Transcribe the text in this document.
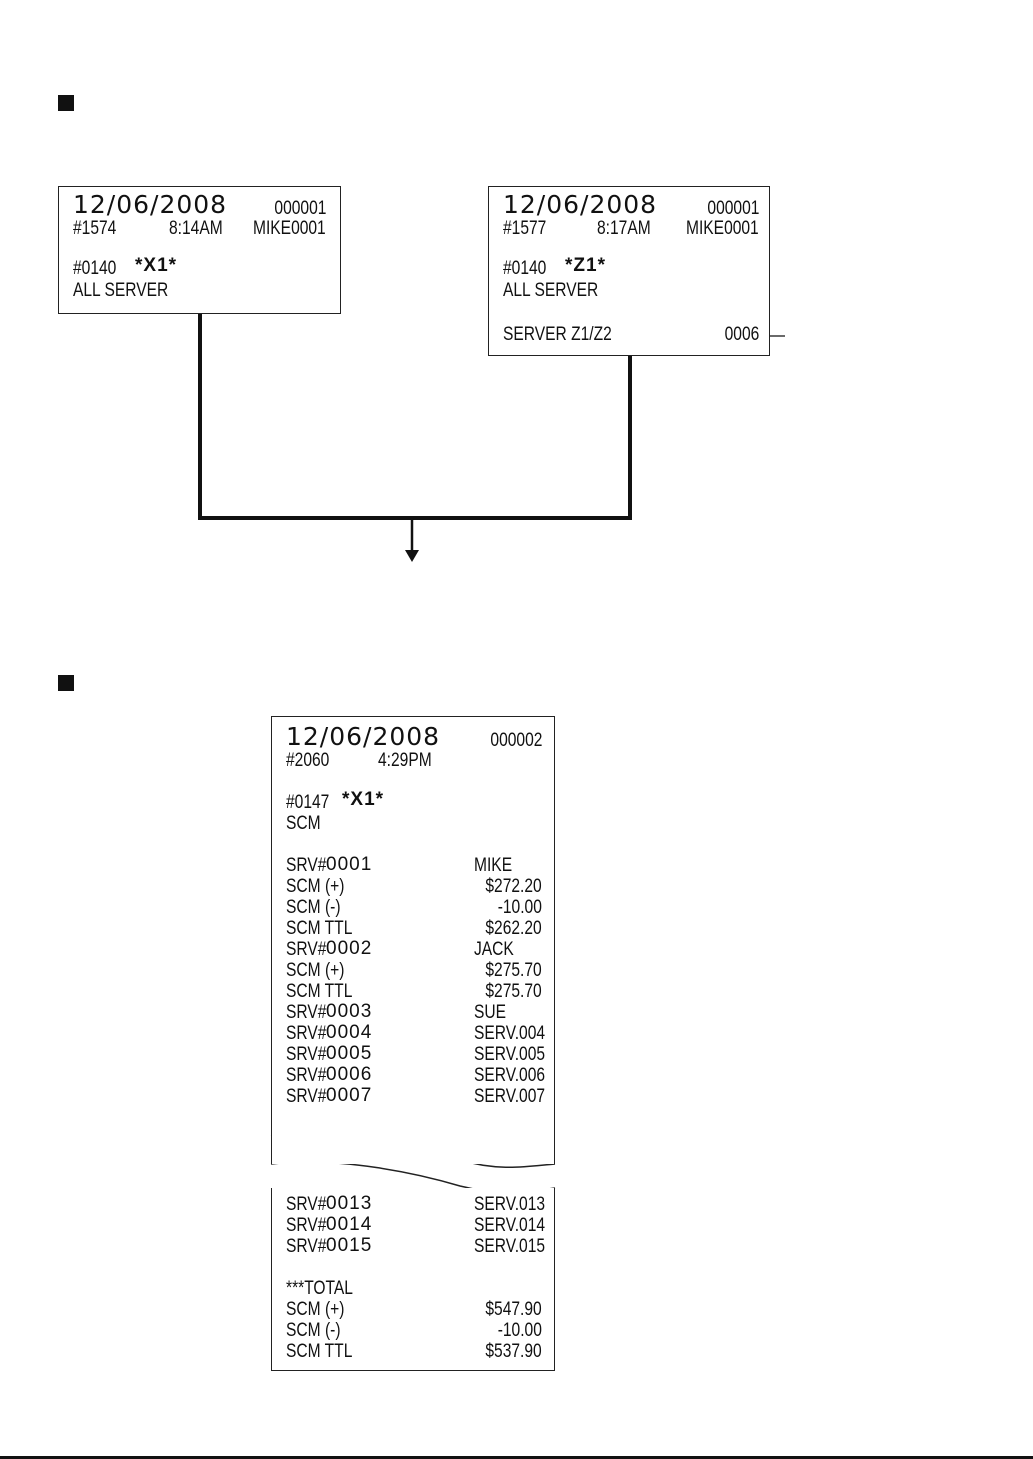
12/06/2008 000001
#1574	8:14AM MIKE0001
#0140 *X1*
ALL SERVER
12/06/2008	000001
#1577	8:17AM MIKE0001
#0140 *Z1*
ALL SERVER
SERVER Z1/Z2	0006
12/06/2008	000002
#2060	4:29PM
#0147 *X1*
SCM
SRV# 0001	MIKE
SCM (+)	$272.20
SCM (-)	-10.00
SCM TTL	$262.20
SRV# 0002	JACK
SCM (+)	$275.70
SCM TTL	$275.70
SRV# 0003	SUE
SRV# 0004	SERV.004
SRV# 0005	SERV.005
SRV# 0006	SERV.006
SRV# 0007	SERV.007
SRV# 0013	SERV.013
SRV# 0014	SERV.014
SRV# 0015	SERV.015
***TOTAL
SCM (+)	$547.90
SCM (-)	-10.00
SCM TTL	$537.90
